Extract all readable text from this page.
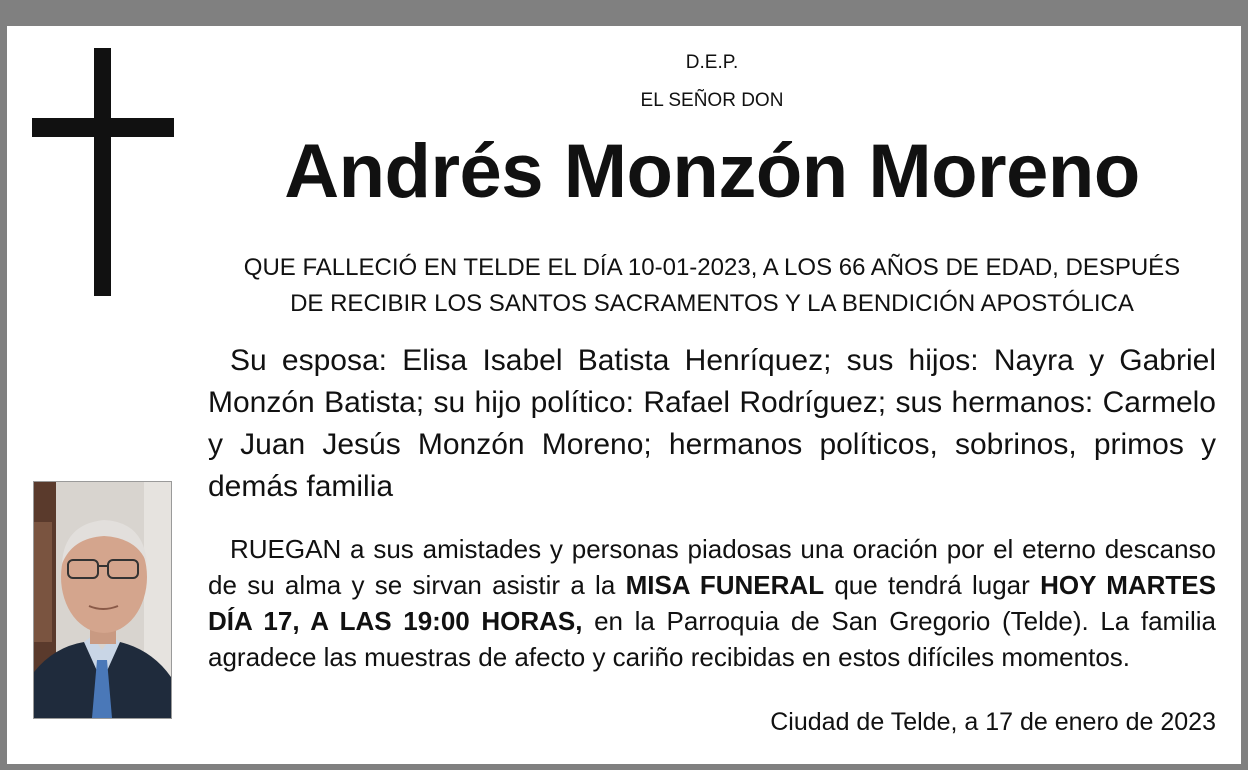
D.E.P.
EL SEÑOR DON
Andrés Monzón Moreno
QUE FALLECIÓ EN TELDE EL DÍA 10-01-2023, A LOS 66 AÑOS DE EDAD, DESPUÉS
DE RECIBIR LOS SANTOS SACRAMENTOS Y LA BENDICIÓN APOSTÓLICA
Su esposa: Elisa Isabel Batista Henríquez; sus hijos: Nayra y Gabriel Monzón Batista; su hijo político: Rafael Rodríguez; sus hermanos: Carmelo y Juan Jesús Monzón Moreno; hermanos políticos, sobrinos, primos y demás familia
RUEGAN a sus amistades y personas piadosas una oración por el eterno descanso de su alma y se sirvan asistir a la MISA FUNERAL que tendrá lugar HOY MARTES DÍA 17, A LAS 19:00 HORAS, en la Parroquia de San Gregorio (Telde). La familia agradece las muestras de afecto y cariño recibidas en estos difíciles momentos.
Ciudad de Telde, a 17 de enero de 2023
